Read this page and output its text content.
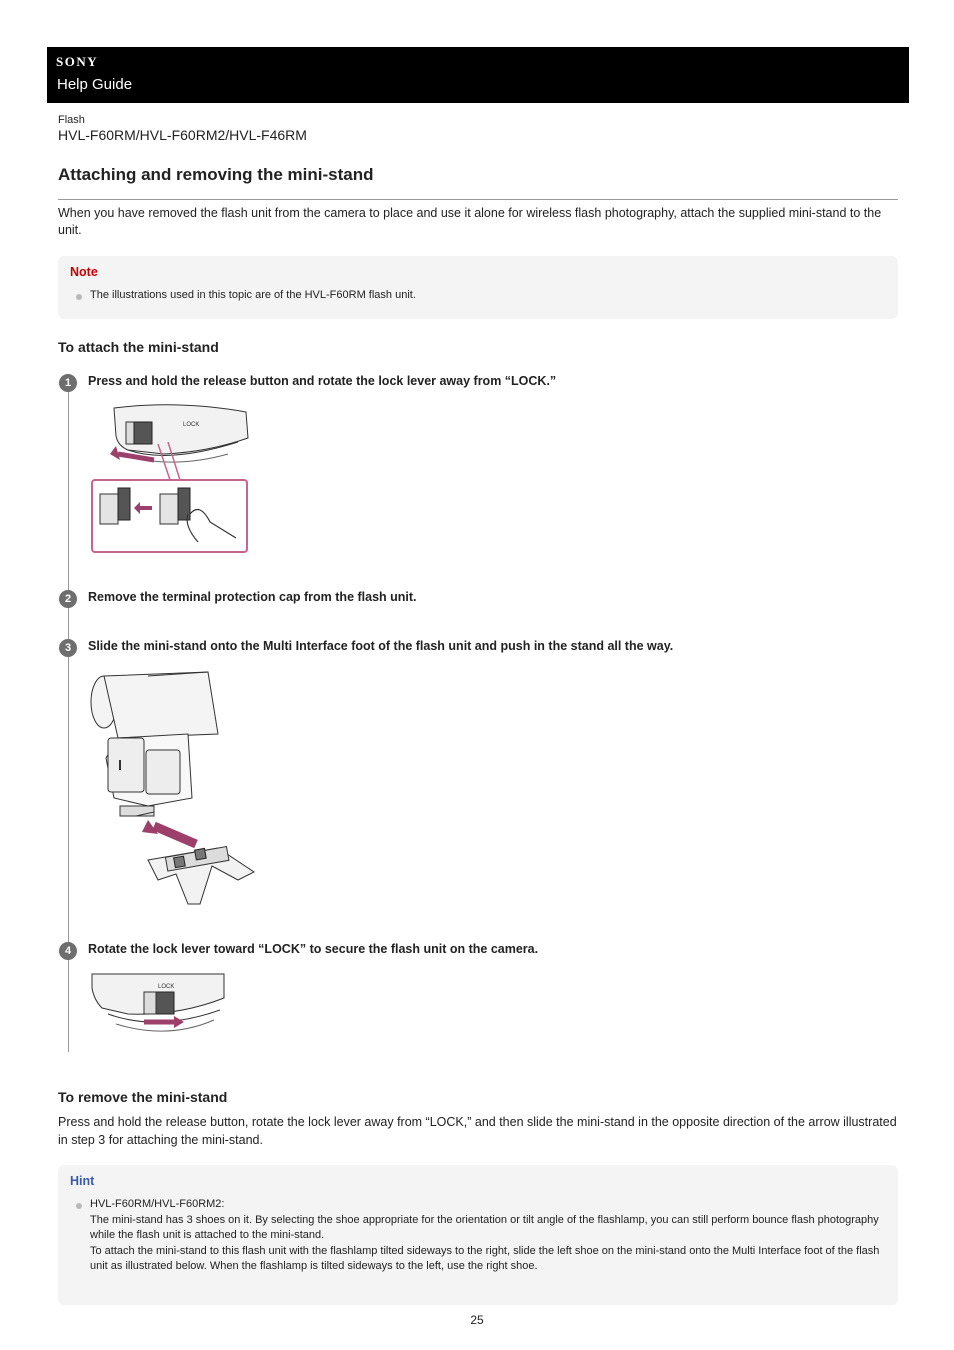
SONY
Help Guide
Flash
HVL-F60RM/HVL-F60RM2/HVL-F46RM
Attaching and removing the mini-stand
When you have removed the flash unit from the camera to place and use it alone for wireless flash photography, attach the supplied mini-stand to the unit.
Note
The illustrations used in this topic are of the HVL-F60RM flash unit.
To attach the mini-stand
1	Press and hold the release button and rotate the lock lever away from “LOCK.”
LOCK
2	Remove the terminal protection cap from the flash unit.
3	Slide the mini-stand onto the Multi Interface foot of the flash unit and push in the stand all the way.
4	Rotate the lock lever toward “LOCK” to secure the flash unit on the camera.
LOCK
To remove the mini-stand
Press and hold the release button, rotate the lock lever away from “LOCK,” and then slide the mini-stand in the opposite direction of the arrow illustrated in step 3 for attaching the mini-stand.
Hint
HVL-F60RM/HVL-F60RM2:
The mini-stand has 3 shoes on it. By selecting the shoe appropriate for the orientation or tilt angle of the flashlamp, you can still perform bounce flash photography while the flash unit is attached to the mini-stand.
To attach the mini-stand to this flash unit with the flashlamp tilted sideways to the right, slide the left shoe on the mini-stand onto the Multi Interface foot of the flash unit as illustrated below. When the flashlamp is tilted sideways to the left, use the right shoe.
25
